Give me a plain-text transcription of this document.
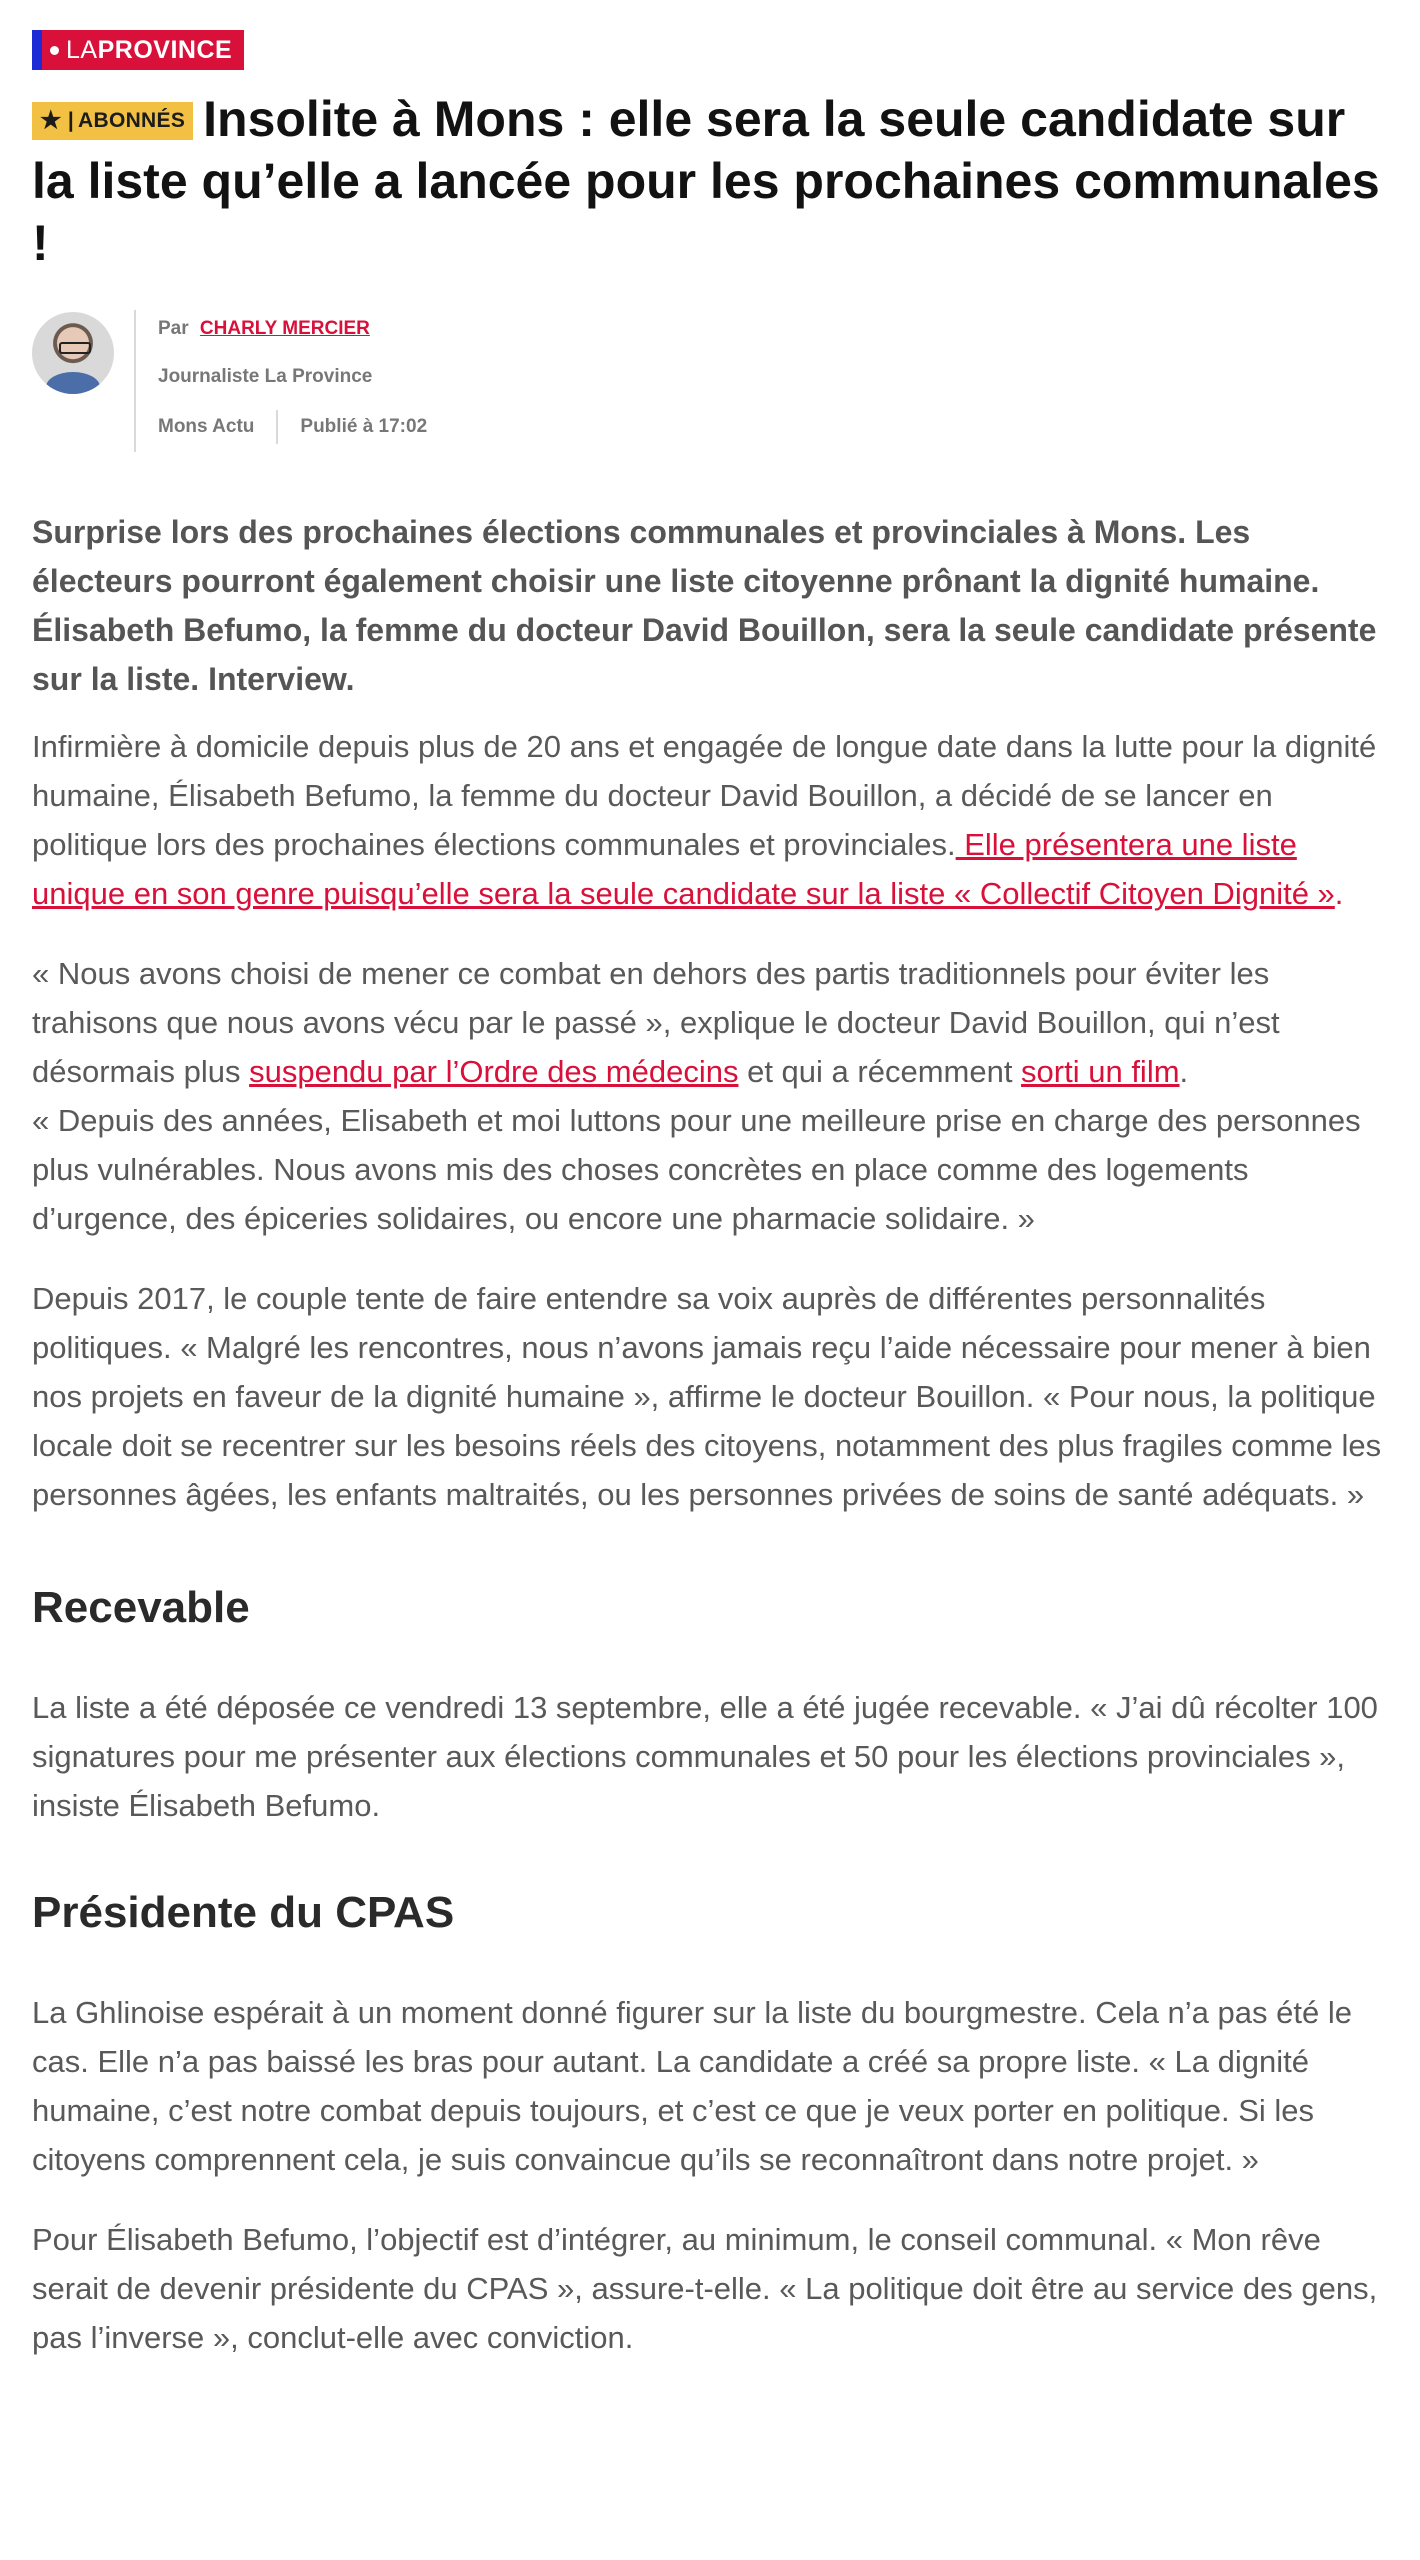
LA PROVINCE
★ | ABONNÉS Insolite à Mons : elle sera la seule candidate sur la liste qu’elle a lancée pour les prochaines communales !
Par CHARLY MERCIER
Journaliste La Province
Mons Actu Publié à 17:02

Surprise lors des prochaines élections communales et provinciales à Mons. Les électeurs pourront également choisir une liste citoyenne prônant la dignité humaine. Élisabeth Befumo, la femme du docteur David Bouillon, sera la seule candidate présente sur la liste. Interview.

Infirmière à domicile depuis plus de 20 ans et engagée de longue date dans la lutte pour la dignité humaine, Élisabeth Befumo, la femme du docteur David Bouillon, a décidé de se lancer en politique lors des prochaines élections communales et provinciales. Elle présentera une liste unique en son genre puisqu’elle sera la seule candidate sur la liste « Collectif Citoyen Dignité ».

« Nous avons choisi de mener ce combat en dehors des partis traditionnels pour éviter les trahisons que nous avons vécu par le passé », explique le docteur David Bouillon, qui n’est désormais plus suspendu par l’Ordre des médecins et qui a récemment sorti un film.
« Depuis des années, Elisabeth et moi luttons pour une meilleure prise en charge des personnes plus vulnérables. Nous avons mis des choses concrètes en place comme des logements d’urgence, des épiceries solidaires, ou encore une pharmacie solidaire. »

Depuis 2017, le couple tente de faire entendre sa voix auprès de différentes personnalités politiques. « Malgré les rencontres, nous n’avons jamais reçu l’aide nécessaire pour mener à bien nos projets en faveur de la dignité humaine », affirme le docteur Bouillon. « Pour nous, la politique locale doit se recentrer sur les besoins réels des citoyens, notamment des plus fragiles comme les personnes âgées, les enfants maltraités, ou les personnes privées de soins de santé adéquats. »

Recevable

La liste a été déposée ce vendredi 13 septembre, elle a été jugée recevable. « J’ai dû récolter 100 signatures pour me présenter aux élections communales et 50 pour les élections provinciales », insiste Élisabeth Befumo.

Présidente du CPAS

La Ghlinoise espérait à un moment donné figurer sur la liste du bourgmestre. Cela n’a pas été le cas. Elle n’a pas baissé les bras pour autant. La candidate a créé sa propre liste. « La dignité humaine, c’est notre combat depuis toujours, et c’est ce que je veux porter en politique. Si les citoyens comprennent cela, je suis convaincue qu’ils se reconnaîtront dans notre projet. »

Pour Élisabeth Befumo, l’objectif est d’intégrer, au minimum, le conseil communal. « Mon rêve serait de devenir présidente du CPAS », assure-t-elle. « La politique doit être au service des gens, pas l’inverse », conclut-elle avec conviction.
